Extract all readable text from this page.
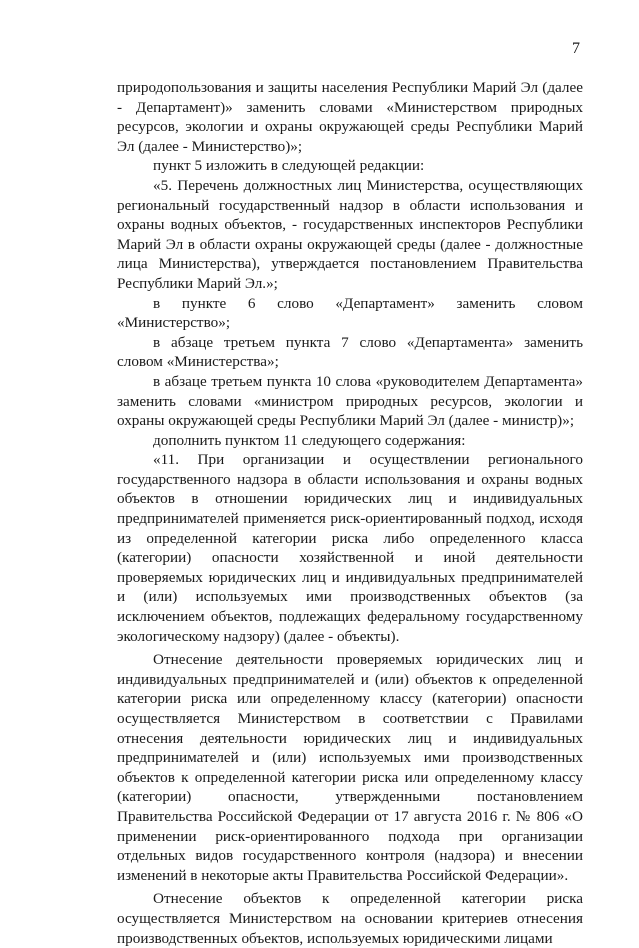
7

природопользования и защиты населения Республики Марий Эл (далее - Департамент)» заменить словами «Министерством природных ресурсов, экологии и охраны окружающей среды Республики Марий Эл (далее - Министерство)»;

пункт 5 изложить в следующей редакции:

«5. Перечень должностных лиц Министерства, осуществляющих региональный государственный надзор в области использования и охраны водных объектов, - государственных инспекторов Республики Марий Эл в области охраны окружающей среды (далее - должностные лица Министерства), утверждается постановлением Правительства Республики Марий Эл.»;

в пункте 6 слово «Департамент» заменить словом «Министерство»;

в абзаце третьем пункта 7 слово «Департамента» заменить словом «Министерства»;

в абзаце третьем пункта 10 слова «руководителем Департамента» заменить словами «министром природных ресурсов, экологии и охраны окружающей среды Республики Марий Эл (далее - министр)»;

дополнить пунктом 11 следующего содержания:

«11. При организации и осуществлении регионального государственного надзора в области использования и охраны водных объектов в отношении юридических лиц и индивидуальных предпринимателей применяется риск-ориентированный подход, исходя из определенной категории риска либо определенного класса (категории) опасности хозяйственной и иной деятельности проверяемых юридических лиц и индивидуальных предпринимателей и (или) используемых ими производственных объектов (за исключением объектов, подлежащих федеральному государственному экологическому надзору) (далее - объекты).

Отнесение деятельности проверяемых юридических лиц и индивидуальных предпринимателей и (или) объектов к определенной категории риска или определенному классу (категории) опасности осуществляется Министерством в соответствии с Правилами отнесения деятельности юридических лиц и индивидуальных предпринимателей и (или) используемых ими производственных объектов к определенной категории риска или определенному классу (категории) опасности, утвержденными постановлением Правительства Российской Федерации от 17 августа 2016 г. № 806 «О применении риск-ориентированного подхода при организации отдельных видов государственного контроля (надзора) и внесении изменений в некоторые акты Правительства Российской Федерации».

Отнесение объектов к определенной категории риска осуществляется Министерством на основании критериев отнесения производственных объектов, используемых юридическими лицами
